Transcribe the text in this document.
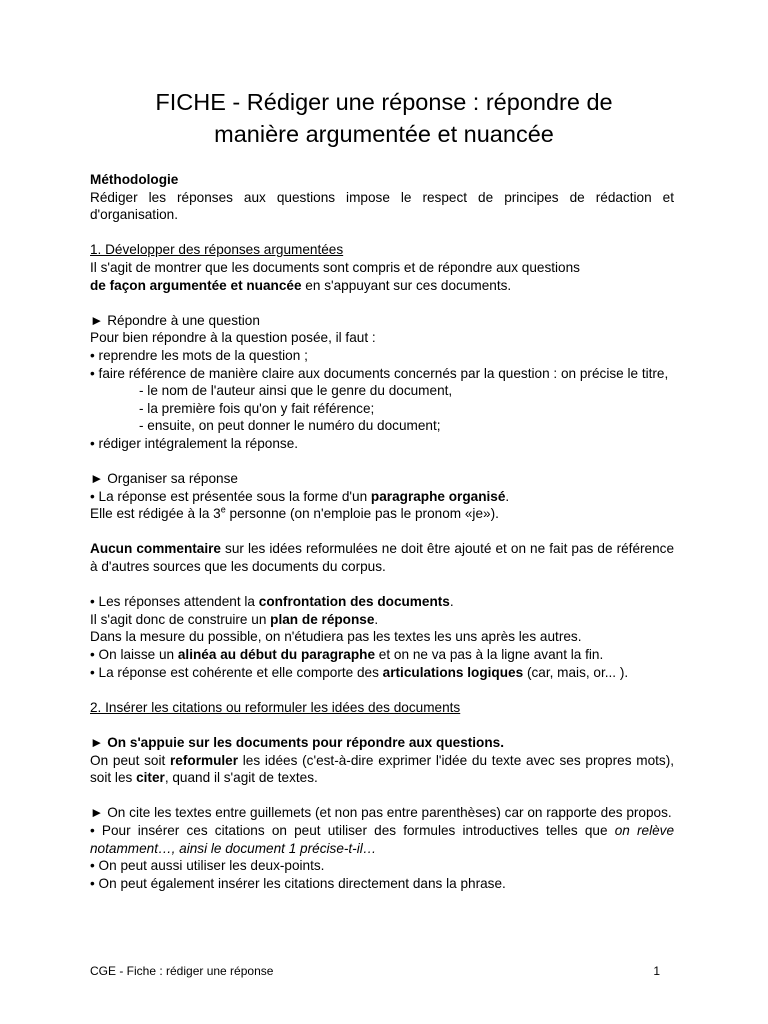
FICHE - Rédiger une réponse : répondre de
manière argumentée et nuancée
Méthodologie
Rédiger les réponses aux questions impose le respect de principes de rédaction et d'organisation.
1. Développer des réponses argumentées
Il s'agit de montrer que les documents sont compris et de répondre aux questions
de façon argumentée et nuancée en s'appuyant sur ces documents.
► Répondre à une question
Pour bien répondre à la question posée, il faut :
• reprendre les mots de la question ;
• faire référence de manière claire aux documents concernés par la question : on précise le titre,
- le nom de l'auteur ainsi que le genre du document,
- la première fois qu'on y fait référence;
- ensuite, on peut donner le numéro du document;
• rédiger intégralement la réponse.
► Organiser sa réponse
• La réponse est présentée sous la forme d'un paragraphe organisé.
Elle est rédigée à la 3e personne (on n'emploie pas le pronom «je»).
Aucun commentaire sur les idées reformulées ne doit être ajouté et on ne fait pas de référence à d'autres sources que les documents du corpus.
• Les réponses attendent la confrontation des documents.
Il s'agit donc de construire un plan de réponse.
Dans la mesure du possible, on n'étudiera pas les textes les uns après les autres.
• On laisse un alinéa au début du paragraphe et on ne va pas à la ligne avant la fin.
• La réponse est cohérente et elle comporte des articulations logiques (car, mais, or... ).
2. Insérer les citations ou reformuler les idées des documents
► On s'appuie sur les documents pour répondre aux questions.
On peut soit reformuler les idées (c'est-à-dire exprimer l'idée du texte avec ses propres mots), soit les citer, quand il s'agit de textes.
► On cite les textes entre guillemets (et non pas entre parenthèses) car on rapporte des propos.
• Pour insérer ces citations on peut utiliser des formules introductives telles que on relève notamment…, ainsi le document 1 précise-t-il…
• On peut aussi utiliser les deux-points.
• On peut également insérer les citations directement dans la phrase.
CGE - Fiche : rédiger une réponse	1
